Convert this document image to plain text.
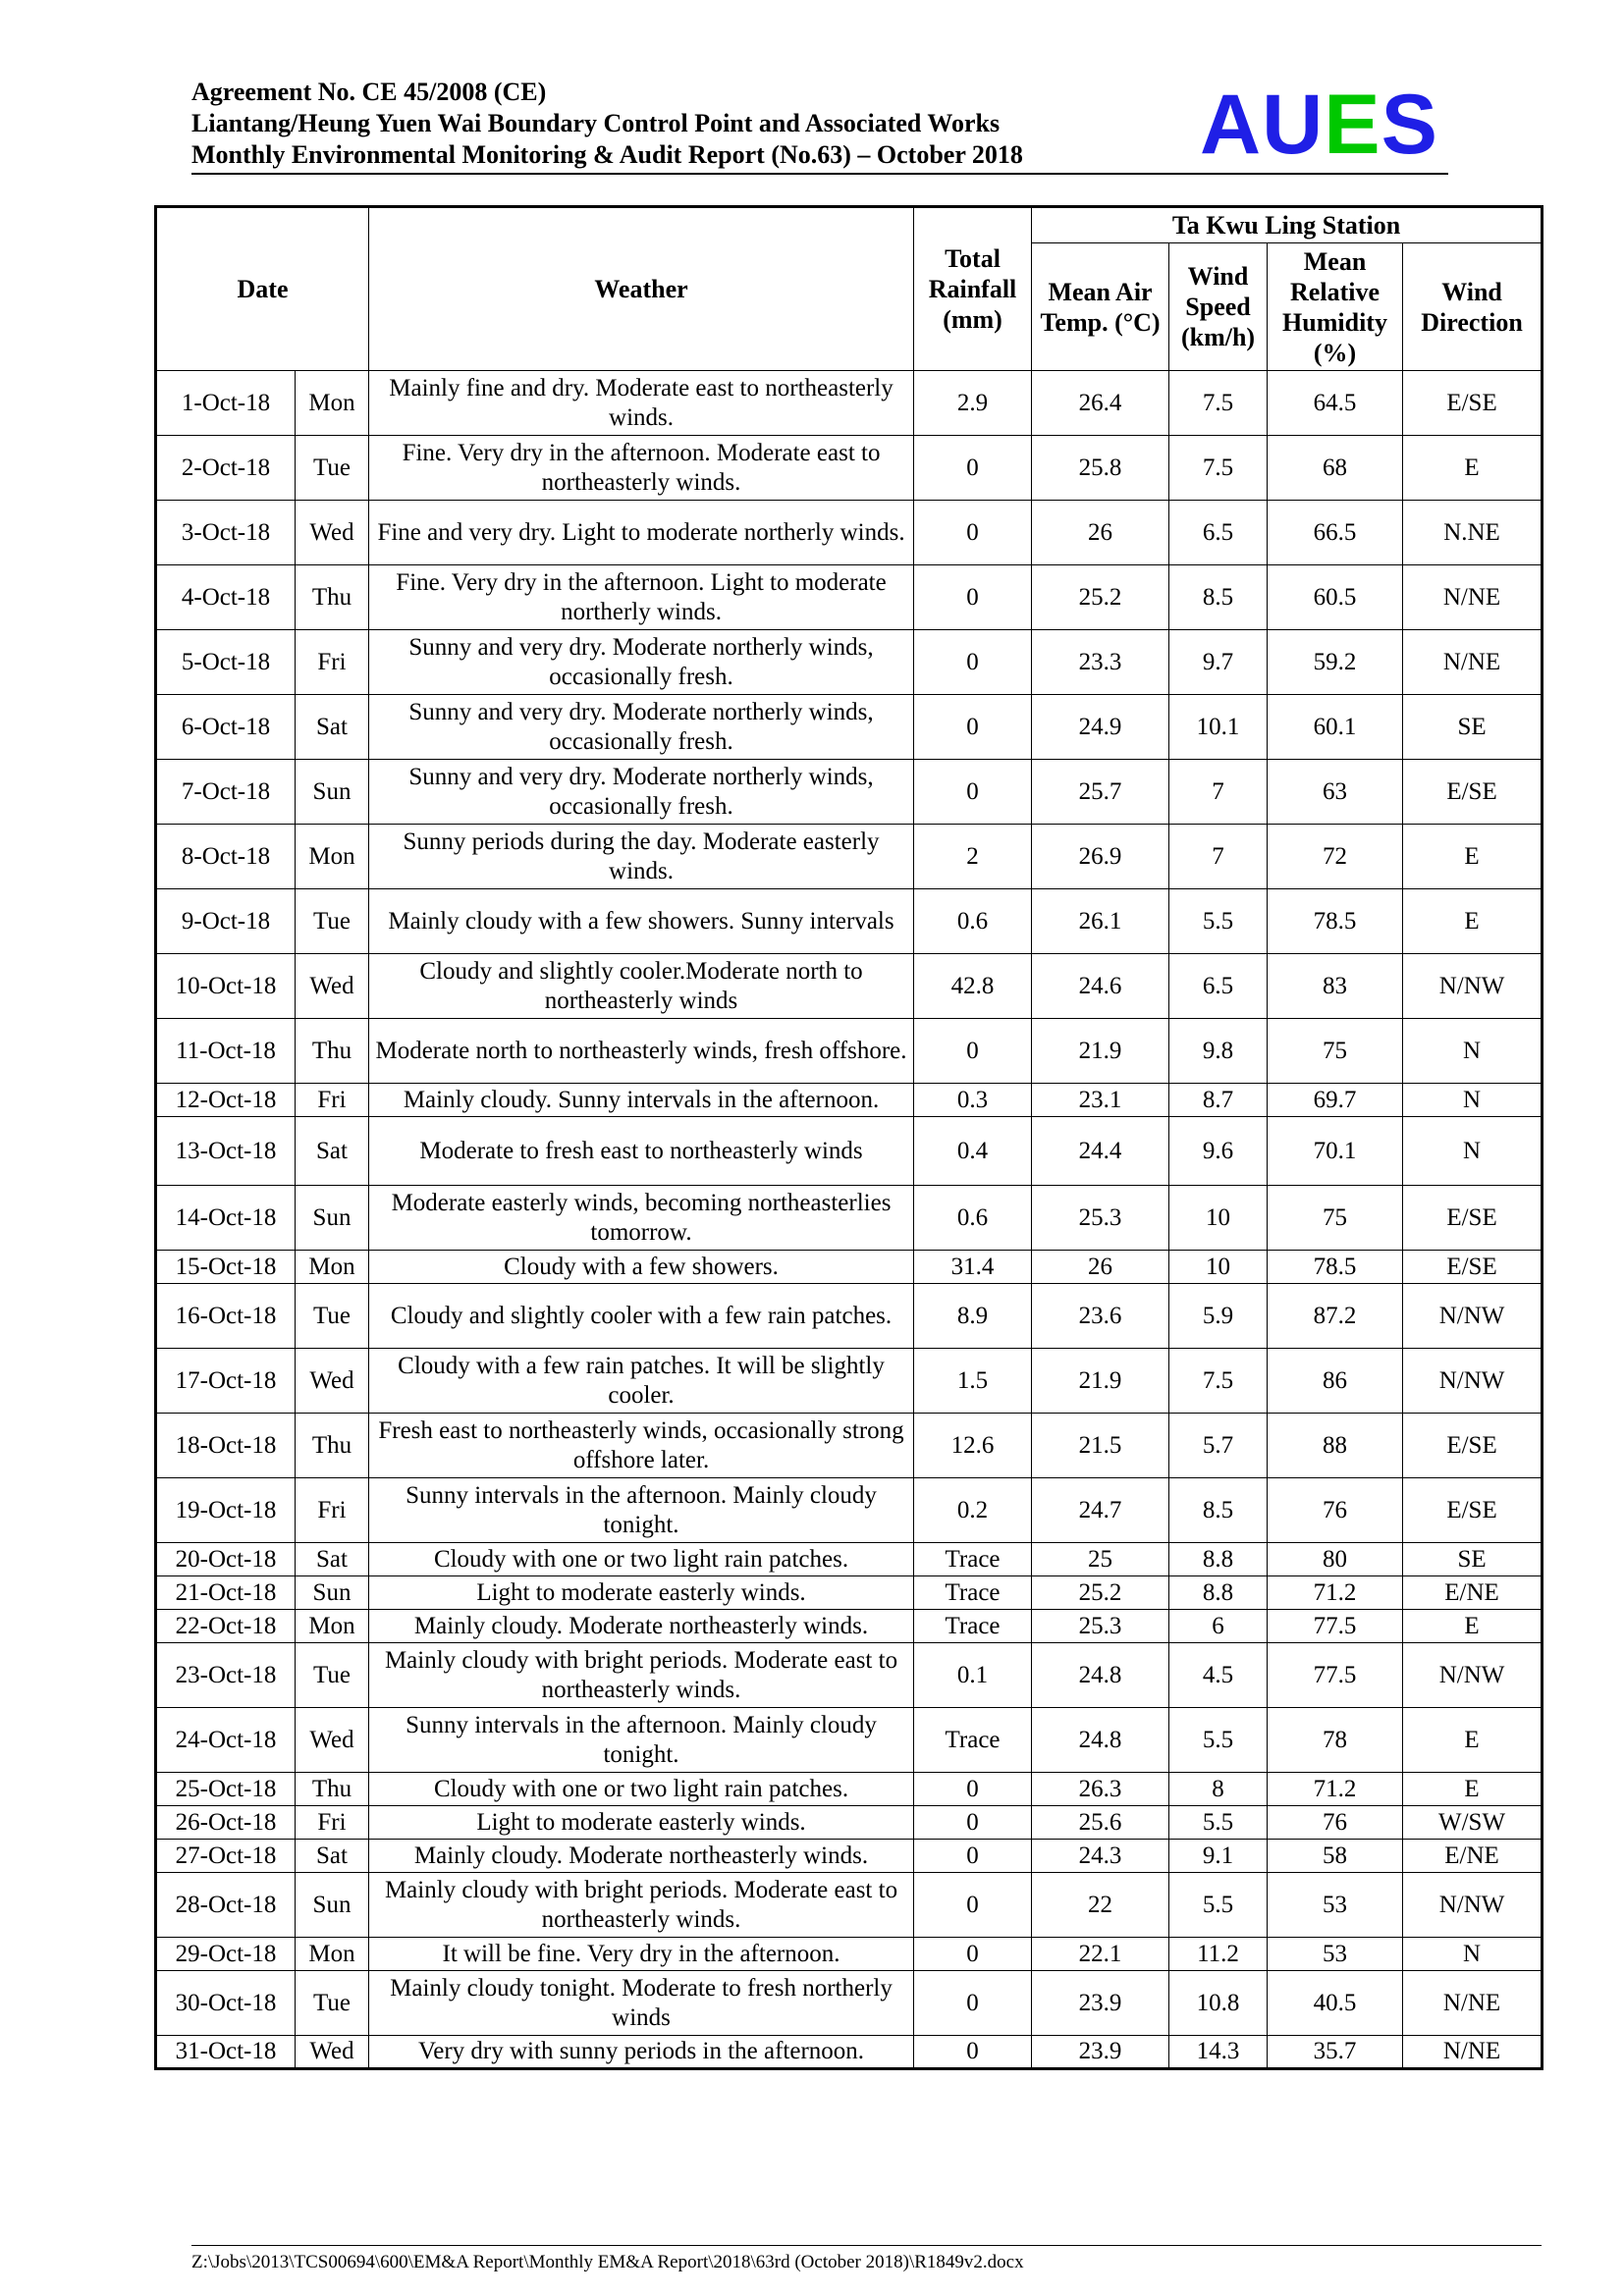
Agreement No. CE 45/2008 (CE)
Liantang/Heung Yuen Wai Boundary Control Point and Associated Works
Monthly Environmental Monitoring & Audit Report (No.63) – October 2018 AUES
Date		Weather	Total Rainfall (mm)	Ta Kwu Ling Station			
				Mean Air Temp. (°C)	Wind Speed (km/h)	Mean Relative Humidity (%)	Wind Direction
1-Oct-18	Mon	Mainly fine and dry. Moderate east to northeasterly winds.	2.9	26.4	7.5	64.5	E/SE
2-Oct-18	Tue	Fine. Very dry in the afternoon. Moderate east to northeasterly winds.	0	25.8	7.5	68	E
3-Oct-18	Wed	Fine and very dry. Light to moderate northerly winds.	0	26	6.5	66.5	N.NE
4-Oct-18	Thu	Fine. Very dry in the afternoon. Light to moderate northerly winds.	0	25.2	8.5	60.5	N/NE
5-Oct-18	Fri	Sunny and very dry. Moderate northerly winds, occasionally fresh.	0	23.3	9.7	59.2	N/NE
6-Oct-18	Sat	Sunny and very dry. Moderate northerly winds, occasionally fresh.	0	24.9	10.1	60.1	SE
7-Oct-18	Sun	Sunny and very dry. Moderate northerly winds, occasionally fresh.	0	25.7	7	63	E/SE
8-Oct-18	Mon	Sunny periods during the day. Moderate easterly winds.	2	26.9	7	72	E
9-Oct-18	Tue	Mainly cloudy with a few showers. Sunny intervals	0.6	26.1	5.5	78.5	E
10-Oct-18	Wed	Cloudy and slightly cooler.Moderate north to northeasterly winds	42.8	24.6	6.5	83	N/NW
11-Oct-18	Thu	Moderate north to northeasterly winds, fresh offshore.	0	21.9	9.8	75	N
12-Oct-18	Fri	Mainly cloudy. Sunny intervals in the afternoon.	0.3	23.1	8.7	69.7	N
13-Oct-18	Sat	Moderate to fresh east to northeasterly winds	0.4	24.4	9.6	70.1	N
14-Oct-18	Sun	Moderate easterly winds, becoming northeasterlies tomorrow.	0.6	25.3	10	75	E/SE
15-Oct-18	Mon	Cloudy with a few showers.	31.4	26	10	78.5	E/SE
16-Oct-18	Tue	Cloudy and slightly cooler with a few rain patches.	8.9	23.6	5.9	87.2	N/NW
17-Oct-18	Wed	Cloudy with a few rain patches. It will be slightly cooler.	1.5	21.9	7.5	86	N/NW
18-Oct-18	Thu	Fresh east to northeasterly winds, occasionally strong offshore later.	12.6	21.5	5.7	88	E/SE
19-Oct-18	Fri	Sunny intervals in the afternoon. Mainly cloudy tonight.	0.2	24.7	8.5	76	E/SE
20-Oct-18	Sat	Cloudy with one or two light rain patches.	Trace	25	8.8	80	SE
21-Oct-18	Sun	Light to moderate easterly winds.	Trace	25.2	8.8	71.2	E/NE
22-Oct-18	Mon	Mainly cloudy. Moderate northeasterly winds.	Trace	25.3	6	77.5	E
23-Oct-18	Tue	Mainly cloudy with bright periods. Moderate east to northeasterly winds.	0.1	24.8	4.5	77.5	N/NW
24-Oct-18	Wed	Sunny intervals in the afternoon. Mainly cloudy tonight.	Trace	24.8	5.5	78	E
25-Oct-18	Thu	Cloudy with one or two light rain patches.	0	26.3	8	71.2	E
26-Oct-18	Fri	Light to moderate easterly winds.	0	25.6	5.5	76	W/SW
27-Oct-18	Sat	Mainly cloudy. Moderate northeasterly winds.	0	24.3	9.1	58	E/NE
28-Oct-18	Sun	Mainly cloudy with bright periods. Moderate east to northeasterly winds.	0	22	5.5	53	N/NW
29-Oct-18	Mon	It will be fine. Very dry in the afternoon.	0	22.1	11.2	53	N
30-Oct-18	Tue	Mainly cloudy tonight. Moderate to fresh northerly winds	0	23.9	10.8	40.5	N/NE
31-Oct-18	Wed	Very dry with sunny periods in the afternoon.	0	23.9	14.3	35.7	N/NE
Z:\Jobs\2013\TCS00694\600\EM&A Report\Monthly EM&A Report\2018\63rd (October 2018)\R1849v2.docx
